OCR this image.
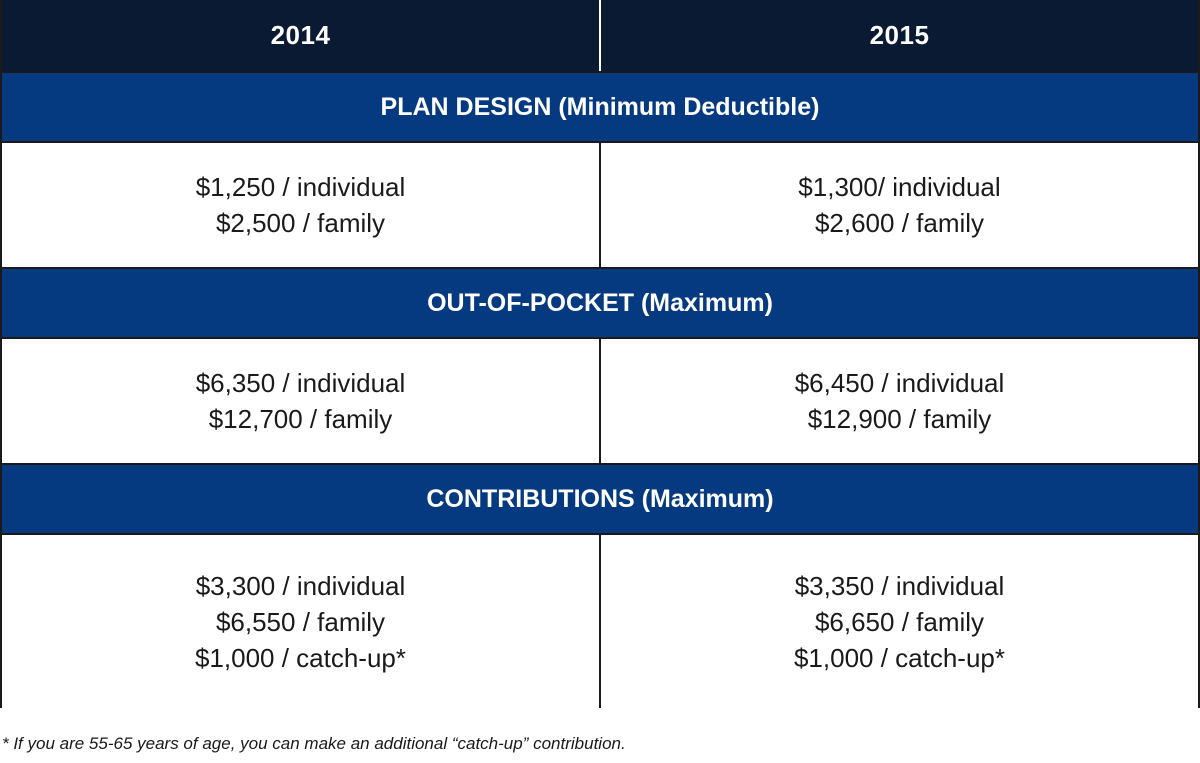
2014	2015
PLAN DESIGN (Minimum Deductible)
$1,250 / individual
$2,500 / family
$1,300/ individual
$2,600 / family
OUT-OF-POCKET (Maximum)
$6,350 / individual
$12,700 / family
$6,450 / individual
$12,900 / family
CONTRIBUTIONS (Maximum)
$3,300 / individual
$6,550 / family
$1,000 / catch-up*
$3,350 / individual
$6,650 / family
$1,000 / catch-up*
* If you are 55-65 years of age, you can make an additional “catch-up” contribution.
